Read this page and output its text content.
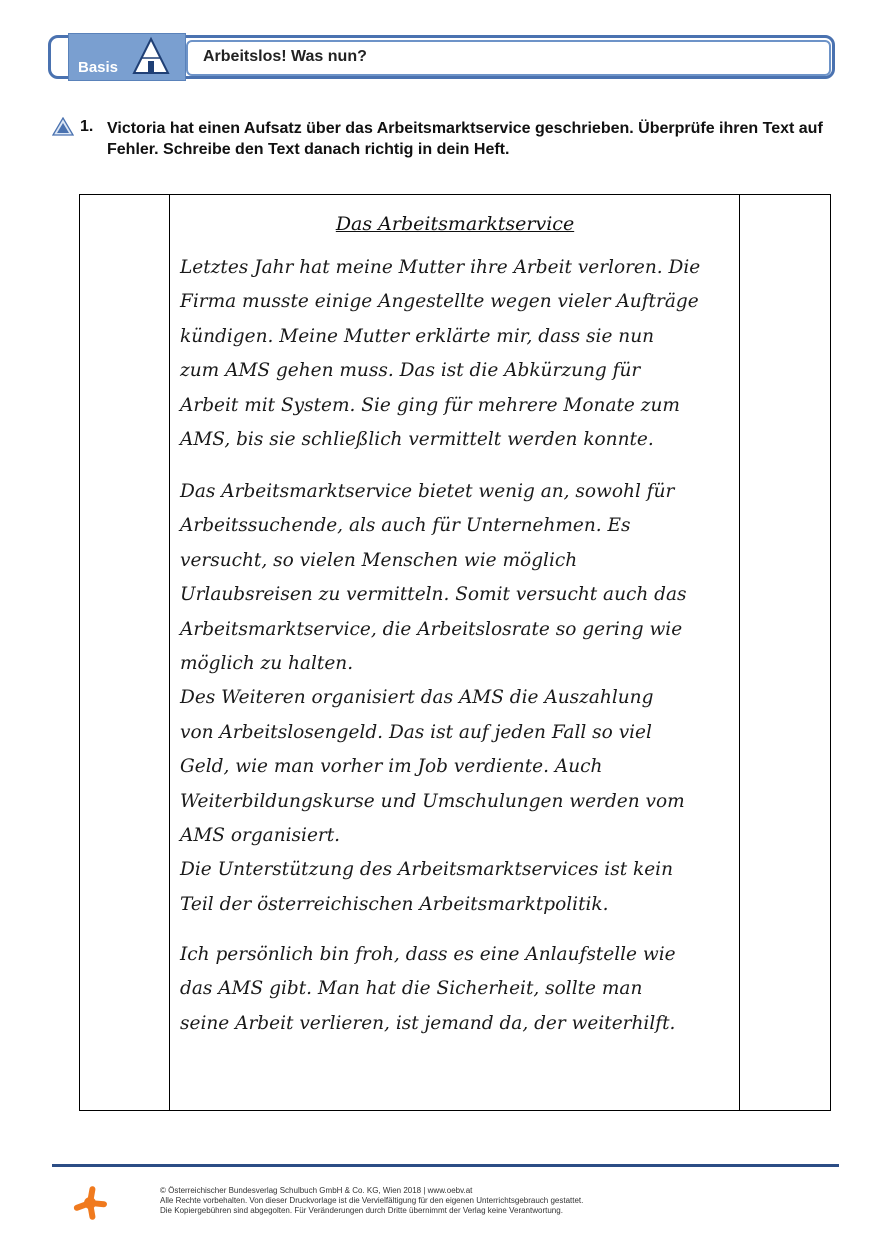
Basis
Arbeitslos! Was nun?
1. Victoria hat einen Aufsatz über das Arbeitsmarktservice geschrieben. Überprüfe ihren Text auf Fehler. Schreibe den Text danach richtig in dein Heft.
Das Arbeitsmarktservice
Letztes Jahr hat meine Mutter ihre Arbeit verloren. Die
Firma musste einige Angestellte wegen vieler Aufträge
kündigen. Meine Mutter erklärte mir, dass sie nun
zum AMS gehen muss. Das ist die Abkürzung für
Arbeit mit System. Sie ging für mehrere Monate zum
AMS, bis sie schließlich vermittelt werden konnte.
Das Arbeitsmarktservice bietet wenig an, sowohl für
Arbeitssuchende, als auch für Unternehmen. Es
versucht, so vielen Menschen wie möglich
Urlaubsreisen zu vermitteln. Somit versucht auch das
Arbeitsmarktservice, die Arbeitslosrate so gering wie
möglich zu halten.
Des Weiteren organisiert das AMS die Auszahlung
von Arbeitslosengeld. Das ist auf jeden Fall so viel
Geld, wie man vorher im Job verdiente. Auch
Weiterbildungskurse und Umschulungen werden vom
AMS organisiert.
Die Unterstützung des Arbeitsmarktservices ist kein
Teil der österreichischen Arbeitsmarktpolitik.
Ich persönlich bin froh, dass es eine Anlaufstelle wie
das AMS gibt. Man hat die Sicherheit, sollte man
seine Arbeit verlieren, ist jemand da, der weiterhilft.
© Österreichischer Bundesverlag Schulbuch GmbH & Co. KG, Wien 2018 | www.oebv.at
Alle Rechte vorbehalten. Von dieser Druckvorlage ist die Vervielfältigung für den eigenen Unterrichtsgebrauch gestattet.
Die Kopiergebühren sind abgegolten. Für Veränderungen durch Dritte übernimmt der Verlag keine Verantwortung.
